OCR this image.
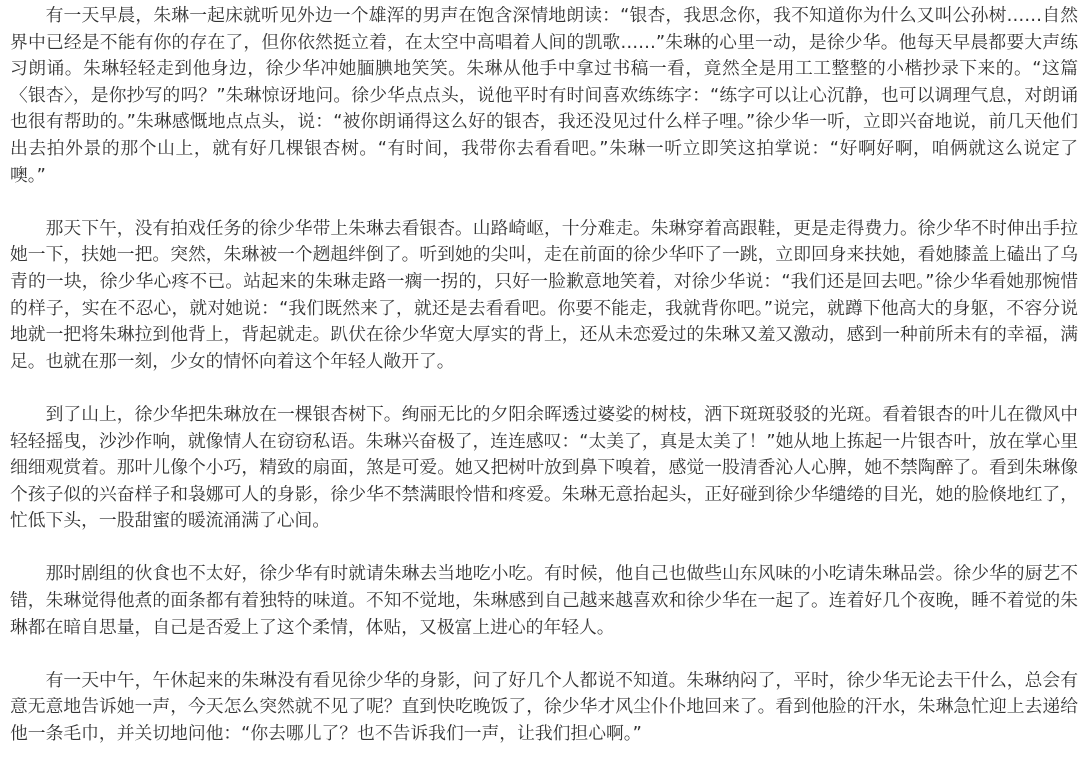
有一天早晨，朱琳一起床就听见外边一个雄浑的男声在饱含深情地朗读：“银杏，我思念你，我不知道你为什么又叫公孙树……自然界中已经是不能有你的存在了，但你依然挺立着，在太空中高唱着人间的凯歌……”朱琳的心里一动，是徐少华。他每天早晨都要大声练习朗诵。朱琳轻轻走到他身边，徐少华冲她腼腆地笑笑。朱琳从他手中拿过书稿一看，竟然全是用工工整整的小楷抄录下来的。“这篇〈银杏〉，是你抄写的吗？”朱琳惊讶地问。徐少华点点头，说他平时有时间喜欢练练字：“练字可以让心沉静，也可以调理气息，对朗诵也很有帮助的。”朱琳感慨地点点头，说：“被你朗诵得这么好的银杏，我还没见过什么样子哩。”徐少华一听，立即兴奋地说，前几天他们出去拍外景的那个山上，就有好几棵银杏树。“有时间，我带你去看看吧。”朱琳一听立即笑这拍掌说：“好啊好啊，咱俩就这么说定了噢。”

那天下午，没有拍戏任务的徐少华带上朱琳去看银杏。山路崎岖，十分难走。朱琳穿着高跟鞋，更是走得费力。徐少华不时伸出手拉她一下，扶她一把。突然，朱琳被一个趔趄绊倒了。听到她的尖叫，走在前面的徐少华吓了一跳，立即回身来扶她，看她膝盖上磕出了乌青的一块，徐少华心疼不已。站起来的朱琳走路一瘸一拐的，只好一脸歉意地笑着，对徐少华说：“我们还是回去吧。”徐少华看她那惋惜的样子，实在不忍心，就对她说：“我们既然来了，就还是去看看吧。你要不能走，我就背你吧。”说完，就蹲下他高大的身躯，不容分说地就一把将朱琳拉到他背上，背起就走。趴伏在徐少华宽大厚实的背上，还从未恋爱过的朱琳又羞又激动，感到一种前所未有的幸福，满足。也就在那一刻，少女的情怀向着这个年轻人敞开了。

到了山上，徐少华把朱琳放在一棵银杏树下。绚丽无比的夕阳余晖透过婆娑的树枝，洒下斑斑驳驳的光斑。看着银杏的叶儿在微风中轻轻摇曳，沙沙作响，就像情人在窃窃私语。朱琳兴奋极了，连连感叹：“太美了，真是太美了！”她从地上拣起一片银杏叶，放在掌心里细细观赏着。那叶儿像个小巧，精致的扇面，煞是可爱。她又把树叶放到鼻下嗅着，感觉一股清香沁人心脾，她不禁陶醉了。看到朱琳像个孩子似的兴奋样子和袅娜可人的身影，徐少华不禁满眼怜惜和疼爱。朱琳无意抬起头，正好碰到徐少华缱绻的目光，她的脸倏地红了，忙低下头，一股甜蜜的暖流涌满了心间。

那时剧组的伙食也不太好，徐少华有时就请朱琳去当地吃小吃。有时候，他自己也做些山东风味的小吃请朱琳品尝。徐少华的厨艺不错，朱琳觉得他煮的面条都有着独特的味道。不知不觉地，朱琳感到自己越来越喜欢和徐少华在一起了。连着好几个夜晚，睡不着觉的朱琳都在暗自思量，自己是否爱上了这个柔情，体贴，又极富上进心的年轻人。

有一天中午，午休起来的朱琳没有看见徐少华的身影，问了好几个人都说不知道。朱琳纳闷了，平时，徐少华无论去干什么，总会有意无意地告诉她一声，今天怎么突然就不见了呢？直到快吃晚饭了，徐少华才风尘仆仆地回来了。看到他脸的汗水，朱琳急忙迎上去递给他一条毛巾，并关切地问他：“你去哪儿了？也不告诉我们一声，让我们担心啊。”
